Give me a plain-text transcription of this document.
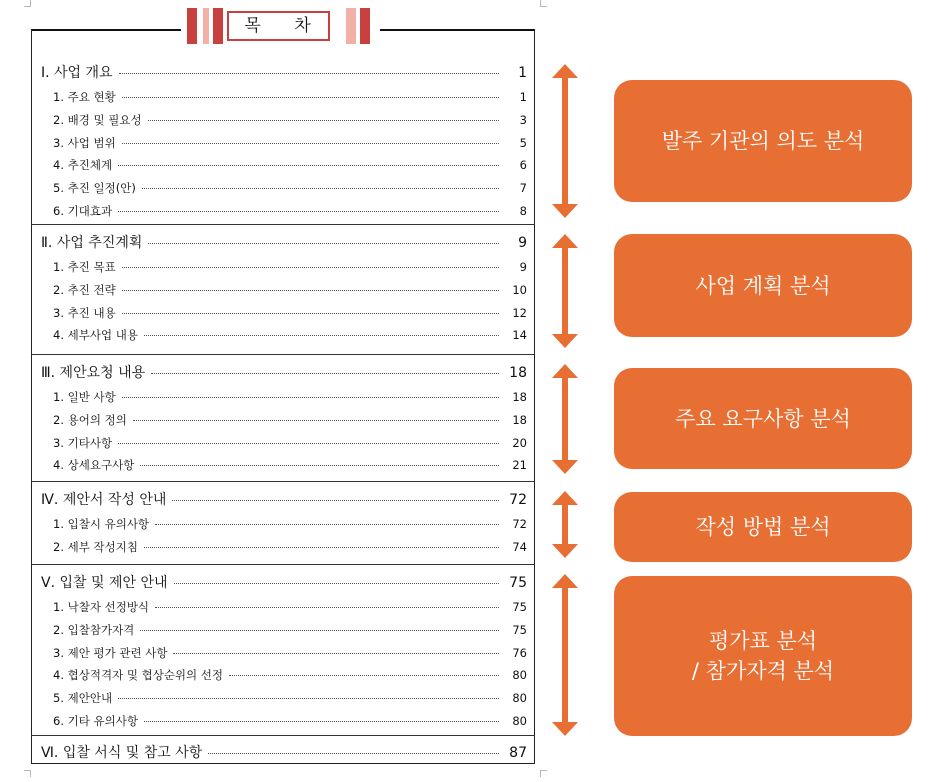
목 차
Ⅰ. 사업 개요	1
1. 주요 현황	1
2. 배경 및 필요성	3
3. 사업 범위	5
4. 추진체계	6
5. 추진 일정(안)	7
6. 기대효과	8
Ⅱ. 사업 추진계획	9
1. 추진 목표	9
2. 추진 전략	10
3. 추진 내용	12
4. 세부사업 내용	14
Ⅲ. 제안요청 내용	18
1. 일반 사항	18
2. 용어의 정의	18
3. 기타사항	20
4. 상세요구사항	21
Ⅳ. 제안서 작성 안내	72
1. 입찰시 유의사항	72
2. 세부 작성지침	74
Ⅴ. 입찰 및 제안 안내	75
1. 낙찰자 선정방식	75
2. 입찰참가자격	75
3. 제안 평가 관련 사항	76
4. 협상적격자 및 협상순위의 선정	80
5. 제안안내	80
6. 기타 유의사항	80
Ⅵ. 입찰 서식 및 참고 사항	87
발주 기관의 의도 분석
사업 계획 분석
주요 요구사항 분석
작성 방법 분석
평가표 분석
/ 참가자격 분석
